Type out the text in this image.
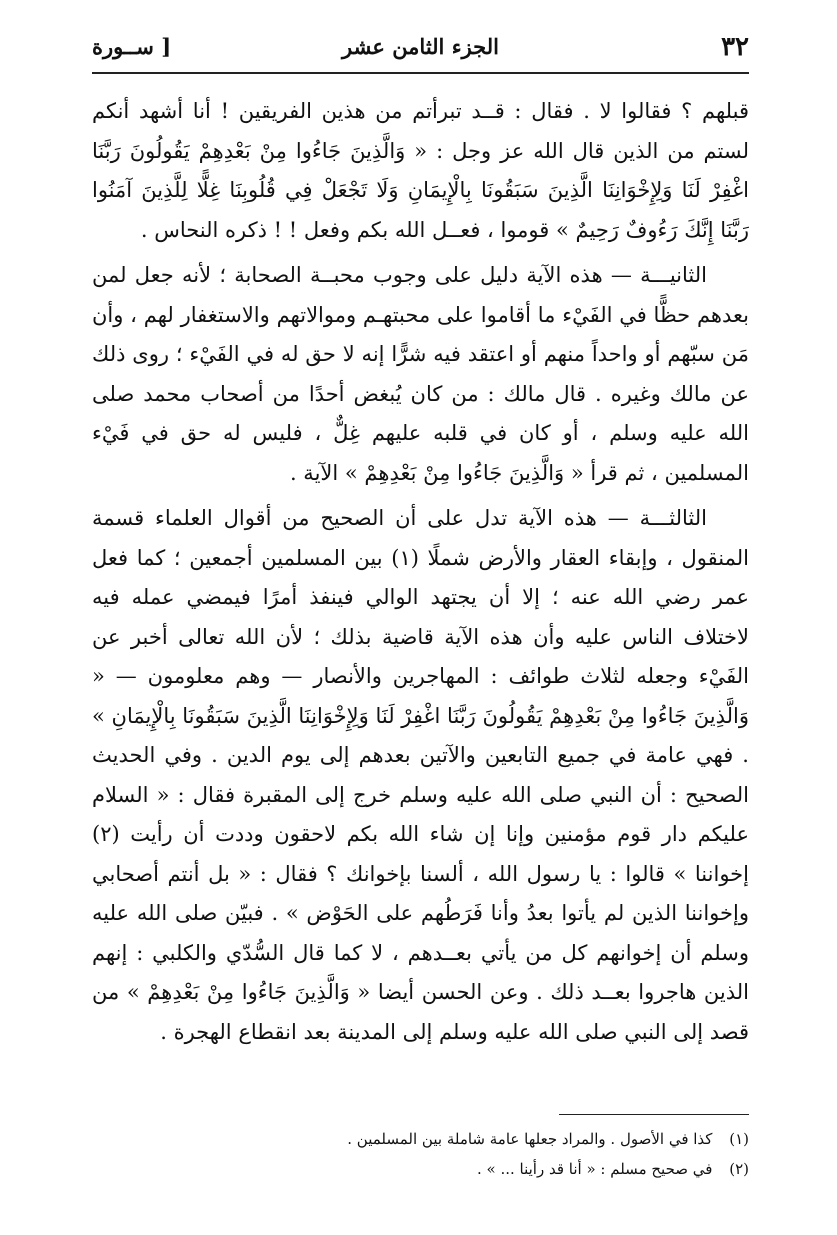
٣٢
الجزء الثامن عشر
[ ســورة

قبلهم ؟ فقالوا لا . فقال : قــد تبرأتم من هذين الفريقين ! أنا أشهد أنكم لستم من الذين قال الله عز وجل : « وَالَّذِينَ جَاءُوا مِنْ بَعْدِهِمْ يَقُولُونَ رَبَّنَا اغْفِرْ لَنَا وَلِإِخْوَانِنَا الَّذِينَ سَبَقُونَا بِالْإِيمَانِ وَلَا تَجْعَلْ فِي قُلُوبِنَا غِلًّا لِلَّذِينَ آمَنُوا رَبَّنَا إِنَّكَ رَءُوفٌ رَحِيمٌ » قوموا ، فعــل الله بكم وفعل ! ! ذكره النحاس .

الثانيـــة — هذه الآية دليل على وجوب محبــة الصحابة ؛ لأنه جعل لمن بعدهم حظًّا في الفَيْء ما أقاموا على محبتهـم وموالاتهم والاستغفار لهم ، وأن مَن سبّهم أو واحداً منهم أو اعتقد فيه شرًّا إنه لا حق له في الفَيْء ؛ روى ذلك عن مالك وغيره . قال مالك : من كان يُبغض أحدًا من أصحاب محمد صلى الله عليه وسلم ، أو كان في قلبه عليهم غِلٌّ ، فليس له حق في فَيْء المسلمين ، ثم قرأ « وَالَّذِينَ جَاءُوا مِنْ بَعْدِهِمْ » الآية .

الثالثـــة — هذه الآية تدل على أن الصحيح من أقوال العلماء قسمة المنقول ، وإبقاء العقار والأرض شملًا (١) بين المسلمين أجمعين ؛ كما فعل عمر رضي الله عنه ؛ إلا أن يجتهد الوالي فينفذ أمرًا فيمضي عمله فيه لاختلاف الناس عليه وأن هذه الآية قاضية بذلك ؛ لأن الله تعالى أخبر عن الفَيْء وجعله لثلاث طوائف : المهاجرين والأنصار — وهم معلومون — « وَالَّذِينَ جَاءُوا مِنْ بَعْدِهِمْ يَقُولُونَ رَبَّنَا اغْفِرْ لَنَا وَلِإِخْوَانِنَا الَّذِينَ سَبَقُونَا بِالْإِيمَانِ » . فهي عامة في جميع التابعين والآتين بعدهم إلى يوم الدين . وفي الحديث الصحيح : أن النبي صلى الله عليه وسلم خرج إلى المقبرة فقال : « السلام عليكم دار قوم مؤمنين وإنا إن شاء الله بكم لاحقون وددت أن رأيت (٢) إخواننا » قالوا : يا رسول الله ، ألسنا بإخوانك ؟ فقال : « بل أنتم أصحابي وإخواننا الذين لم يأتوا بعدُ وأنا فَرَطُهم على الحَوْض » . فبيّن صلى الله عليه وسلم أن إخوانهم كل من يأتي بعــدهم ، لا كما قال السُّدّي والكلبي : إنهم الذين هاجروا بعــد ذلك . وعن الحسن أيضا « وَالَّذِينَ جَاءُوا مِنْ بَعْدِهِمْ » من قصد إلى النبي صلى الله عليه وسلم إلى المدينة بعد انقطاع الهجرة .

(١) كذا في الأصول . والمراد جعلها عامة شاملة بين المسلمين .

(٢) في صحيح مسلم : « أنا قد رأينا ... » .
